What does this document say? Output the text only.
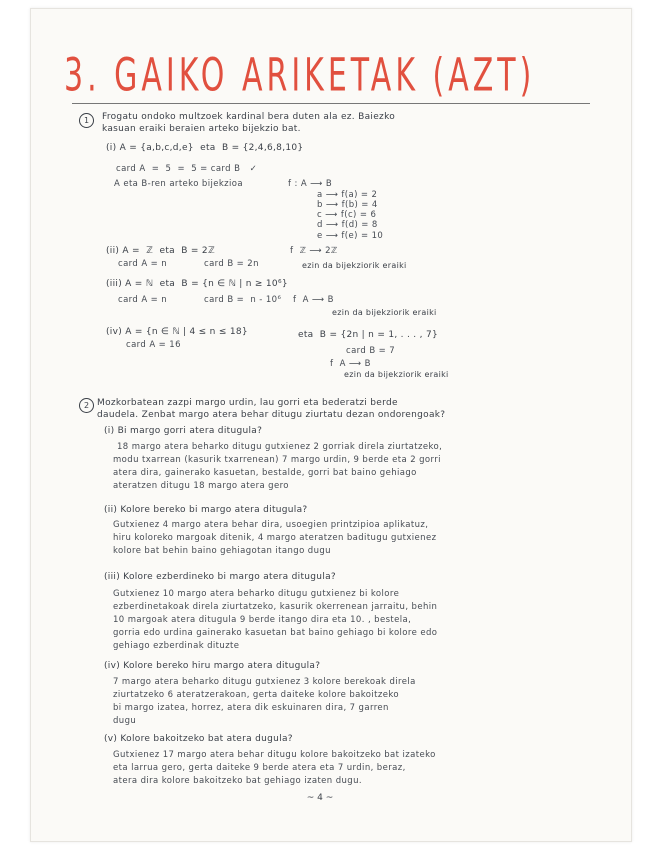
3. GAIKO ARIKETAK (AZT)
1	Frogatu ondoko multzoek kardinal bera duten ala ez. Baiezko

kasuan eraiki beraien arteko bijekzio bat.

(i) A = {a,b,c,d,e}  eta  B = {2,4,6,8,10}

card A  =  5  =  5 = card B   ✓

A eta B-ren arteko bijekzioa	f : A ⟶ B

a ⟶ f(a) = 2

b ⟶ f(b) = 4

c ⟶ f(c) = 6

d ⟶ f(d) = 8

e ⟶ f(e) = 10

(ii) A =  ℤ  eta  B = 2ℤ	f  ℤ ⟶ 2ℤ

card A = n	card B = 2n	ezin da bijekziorik eraiki

(iii) A = ℕ  eta  B = {n ∈ ℕ | n ≥ 10⁶}

card A = n	card B =  n - 10⁶ f  A ⟶ B

ezin da bijekziorik eraiki

(iv) A = {n ∈ ℕ | 4 ≤ n ≤ 18}

card A = 16

eta  B = {2n | n = 1, . . . , 7}

card B = 7

f  A ⟶ B

ezin da bijekziorik eraiki

2 Mozkorbatean zazpi margo urdin, lau gorri eta bederatzi berde

daudela. Zenbat margo atera behar ditugu ziurtatu dezan ondorengoak?

(i) Bi margo gorri atera ditugula?

18 margo atera beharko ditugu gutxienez 2 gorriak direla ziurtatzeko,

modu txarrean (kasurik txarrenean) 7 margo urdin, 9 berde eta 2 gorri

atera dira, gainerako kasuetan, bestalde, gorri bat baino gehiago

ateratzen ditugu 18 margo atera gero

(ii) Kolore bereko bi margo atera ditugula?

Gutxienez 4 margo atera behar dira, usoegien printzipioa aplikatuz,

hiru koloreko margoak ditenik, 4 margo ateratzen baditugu gutxienez

kolore bat behin baino gehiagotan itango dugu

(iii) Kolore ezberdineko bi margo atera ditugula?

Gutxienez 10 margo atera beharko ditugu gutxienez bi kolore

ezberdinetakoak direla ziurtatzeko, kasurik okerrenean jarraitu, behin

10 margoak atera ditugula 9 berde itango dira eta 10. , bestela,

gorria edo urdina gainerako kasuetan bat baino gehiago bi kolore edo

gehiago ezberdinak dituzte

(iv) Kolore bereko hiru margo atera ditugula?

7 margo atera beharko ditugu gutxienez 3 kolore berekoak direla

ziurtatzeko 6 ateratzerakoan, gerta daiteke kolore bakoitzeko

bi margo izatea, horrez, atera dik eskuinaren dira, 7 garren

dugu

(v) Kolore bakoitzeko bat atera dugula?

Gutxienez 17 margo atera behar ditugu kolore bakoitzeko bat izateko

eta larrua gero, gerta daiteke 9 berde atera eta 7 urdin, beraz,

atera dira kolore bakoitzeko bat gehiago izaten dugu.

~ 4 ~
